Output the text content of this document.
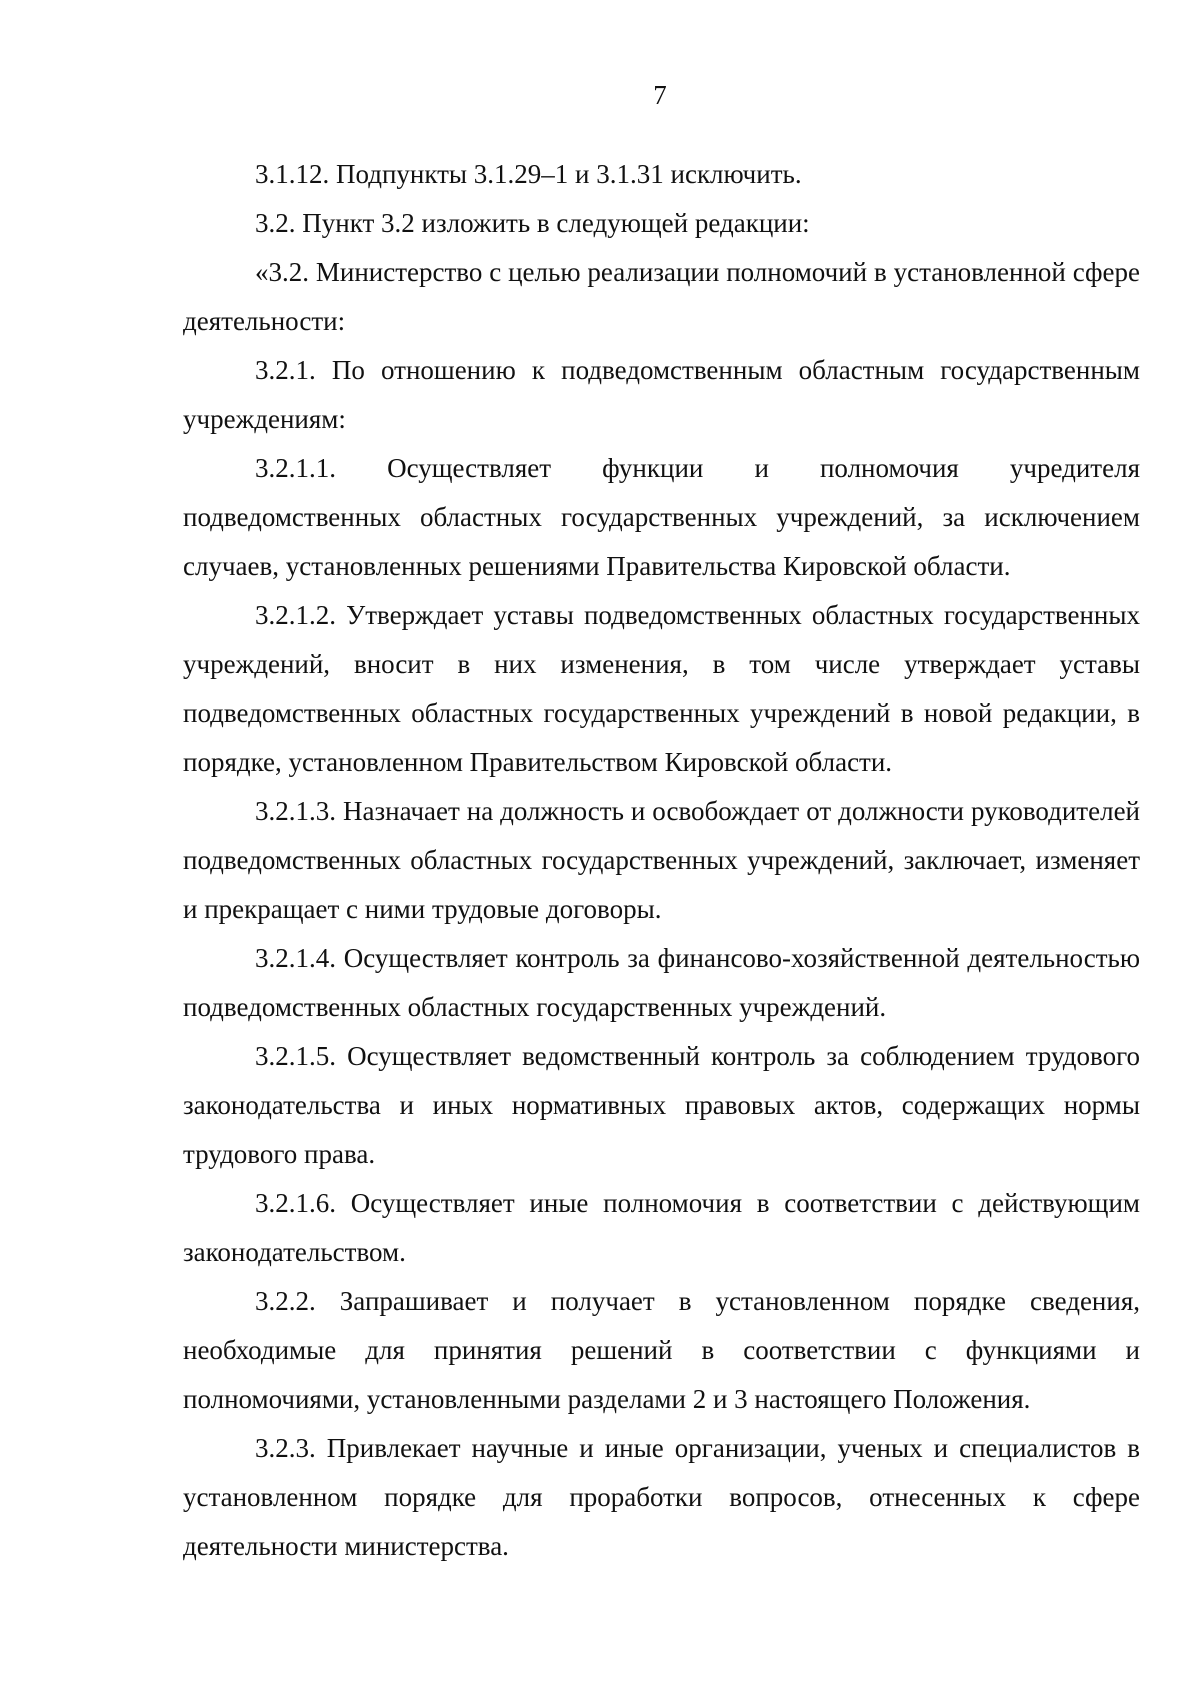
7

3.1.12. Подпункты 3.1.29–1 и 3.1.31 исключить.

3.2. Пункт 3.2 изложить в следующей редакции:

«3.2. Министерство с целью реализации полномочий в установленной сфере деятельности:

3.2.1. По отношению к подведомственным областным государственным учреждениям:

3.2.1.1. Осуществляет функции и полномочия учредителя подведомственных областных государственных учреждений, за исключением случаев, установленных решениями Правительства Кировской области.

3.2.1.2. Утверждает уставы подведомственных областных государственных учреждений, вносит в них изменения, в том числе утверждает уставы подведомственных областных государственных учреждений в новой редакции, в порядке, установленном Правительством Кировской области.

3.2.1.3. Назначает на должность и освобождает от должности руководителей подведомственных областных государственных учреждений, заключает, изменяет и прекращает с ними трудовые договоры.

3.2.1.4. Осуществляет контроль за финансово-хозяйственной деятельностью подведомственных областных государственных учреждений.

3.2.1.5. Осуществляет ведомственный контроль за соблюдением трудового законодательства и иных нормативных правовых актов, содержащих нормы трудового права.

3.2.1.6. Осуществляет иные полномочия в соответствии с действующим законодательством.

3.2.2. Запрашивает и получает в установленном порядке сведения, необходимые для принятия решений в соответствии с функциями и полномочиями, установленными разделами 2 и 3 настоящего Положения.

3.2.3. Привлекает научные и иные организации, ученых и специалистов в установленном порядке для проработки вопросов, отнесенных к сфере деятельности министерства.
